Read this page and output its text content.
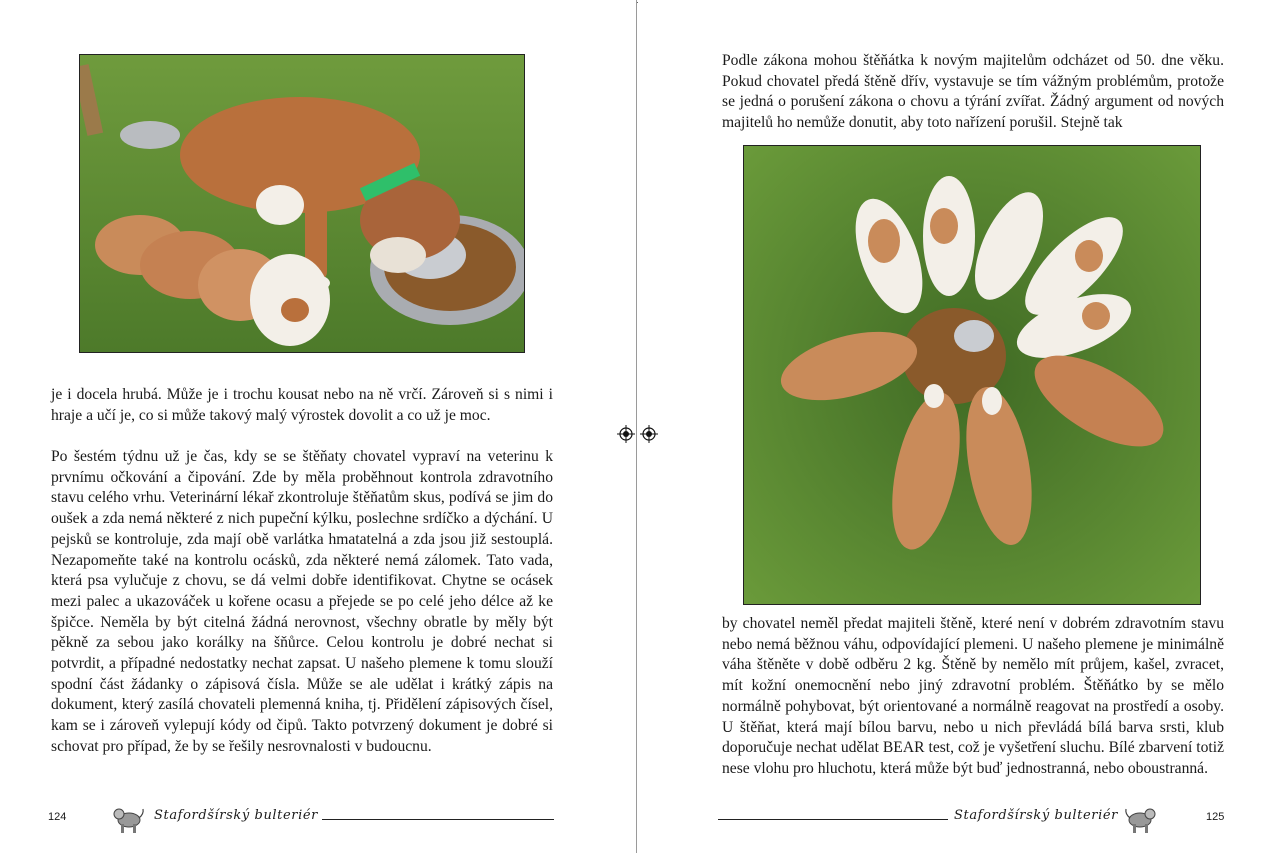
je i docela hrubá. Může je i trochu kousat nebo na ně vrčí. Zároveň si s nimi i hraje a učí je, co si může takový malý výrostek dovolit a co už je moc.

Po šestém týdnu už je čas, kdy se se štěňaty chovatel vypraví na veterinu k prvnímu očkování a čipování. Zde by měla proběhnout kontrola zdravotního stavu celého vrhu. Veterinární lékař zkontroluje štěňatům skus, podívá se jim do oušek a zda nemá některé z nich pupeční kýlku, poslechne srdíčko a dýchání. U pejsků se kontroluje, zda mají obě varlátka hmatatelná a zda jsou již sestouplá. Nezapomeňte také na kontrolu ocásků, zda některé nemá zálomek. Tato vada, která psa vylučuje z chovu, se dá velmi dobře identifikovat. Chytne se ocásek mezi palec a ukazováček u kořene ocasu a přejede se po celé jeho délce až ke špičce. Neměla by být citelná žádná nerovnost, všechny obratle by měly být pěkně za sebou jako korálky na šňůrce. Celou kontrolu je dobré nechat si potvrdit, a případné nedostatky nechat zapsat. U našeho plemene k tomu slouží spodní část žádanky o zápisová čísla. Může se ale udělat i krátký zápis na dokument, který zasílá chovateli plemenná kniha, tj. Přidělení zápisových čísel, kam se i zároveň vylepují kódy od čipů. Takto potvrzený dokument je dobré si schovat pro případ, že by se řešily nesrovnalosti v budoucnu.

124	Stafordšírský bulteriér

Podle zákona mohou štěňátka k novým majitelům odcházet od 50. dne věku. Pokud chovatel předá štěně dřív, vystavuje se tím vážným problémům, protože se jedná o porušení zákona o chovu a týrání zvířat. Žádný argument od nových majitelů ho nemůže donutit, aby toto nařízení porušil. Stejně tak

by chovatel neměl předat majiteli štěně, které není v dobrém zdravotním stavu nebo nemá běžnou váhu, odpovídající plemeni. U našeho plemene je minimálně váha štěněte v době odběru 2 kg. Štěně by nemělo mít průjem, kašel, zvracet, mít kožní onemocnění nebo jiný zdravotní problém. Štěňátko by se mělo normálně pohybovat, být orientované a normálně reagovat na prostředí a osoby. U štěňat, která mají bílou barvu, nebo u nich převládá bílá barva srsti, klub doporučuje nechat udělat BEAR test, což je vyšetření sluchu. Bílé zbarvení totiž nese vlohu pro hluchotu, která může být buď jednostranná, nebo oboustranná.

Stafordšírský bulteriér	125
